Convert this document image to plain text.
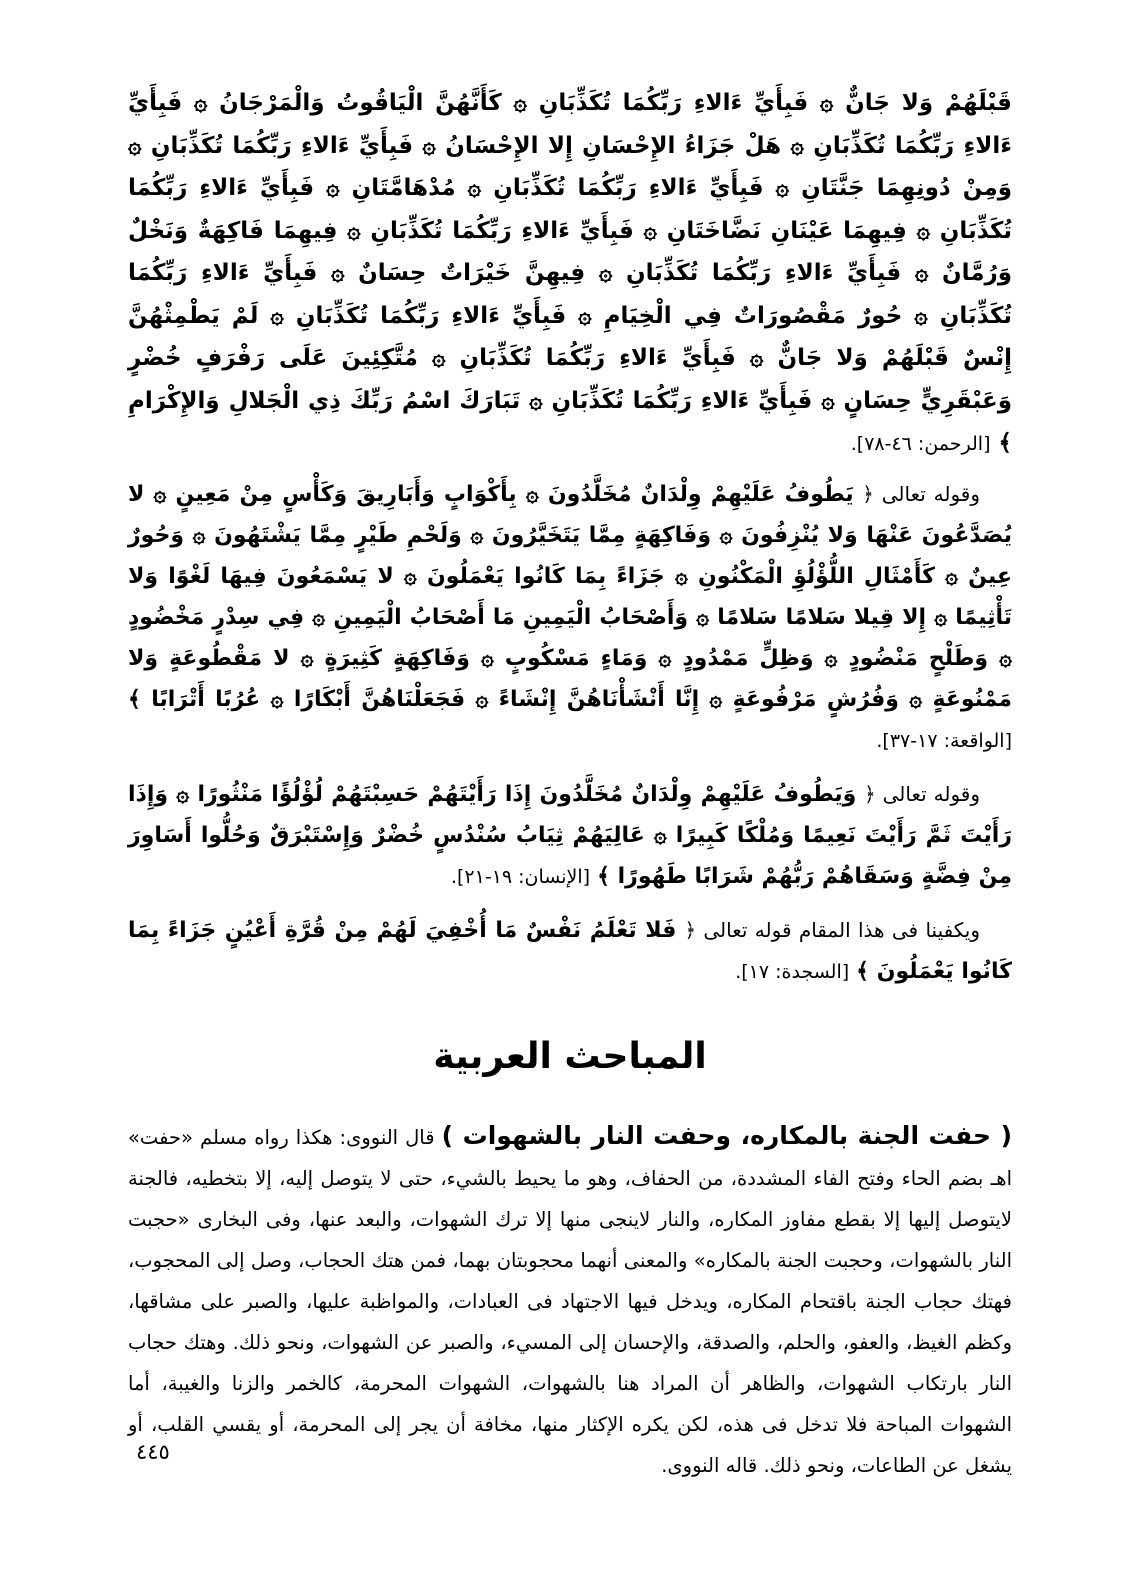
قَبْلَهُمْ وَلا جَانٌّ ۞ فَبِأَيِّ ءَالاءِ رَبِّكُمَا تُكَذِّبَانِ ۞ كَأَنَّهُنَّ الْيَاقُوتُ وَالْمَرْجَانُ ۞ فَبِأَيِّ ءَالاءِ رَبِّكُمَا تُكَذِّبَانِ ۞ هَلْ جَزَاءُ الإِحْسَانِ إِلا الإِحْسَانُ ۞ فَبِأَيِّ ءَالاءِ رَبِّكُمَا تُكَذِّبَانِ ۞ وَمِنْ دُونِهِمَا جَنَّتَانِ ۞ فَبِأَيِّ ءَالاءِ رَبِّكُمَا تُكَذِّبَانِ ۞ مُدْهَامَّتَانِ ۞ فَبِأَيِّ ءَالاءِ رَبِّكُمَا تُكَذِّبَانِ ۞ فِيهِمَا عَيْنَانِ نَضَّاخَتَانِ ۞ فَبِأَيِّ ءَالاءِ رَبِّكُمَا تُكَذِّبَانِ ۞ فِيهِمَا فَاكِهَةٌ وَنَخْلٌ وَرُمَّانٌ ۞ فَبِأَيِّ ءَالاءِ رَبِّكُمَا تُكَذِّبَانِ ۞ فِيهِنَّ خَيْرَاتٌ حِسَانٌ ۞ فَبِأَيِّ ءَالاءِ رَبِّكُمَا تُكَذِّبَانِ ۞ حُورٌ مَقْصُورَاتٌ فِي الْخِيَامِ ۞ فَبِأَيِّ ءَالاءِ رَبِّكُمَا تُكَذِّبَانِ ۞ لَمْ يَطْمِثْهُنَّ إِنْسٌ قَبْلَهُمْ وَلا جَانٌّ ۞ فَبِأَيِّ ءَالاءِ رَبِّكُمَا تُكَذِّبَانِ ۞ مُتَّكِئِينَ عَلَى رَفْرَفٍ خُضْرٍ وَعَبْقَرِيٍّ حِسَانٍ ۞ فَبِأَيِّ ءَالاءِ رَبِّكُمَا تُكَذِّبَانِ ۞ تَبَارَكَ اسْمُ رَبِّكَ ذِي الْجَلالِ وَالإِكْرَامِ ﴾ [الرحمن: ٤٦-٧٨].

وقوله تعالى ﴿ يَطُوفُ عَلَيْهِمْ وِلْدَانٌ مُخَلَّدُونَ ۞ بِأَكْوَابٍ وَأَبَارِيقَ وَكَأْسٍ مِنْ مَعِينٍ ۞ لا يُصَدَّعُونَ عَنْهَا وَلا يُنْزِفُونَ ۞ وَفَاكِهَةٍ مِمَّا يَتَخَيَّرُونَ ۞ وَلَحْمِ طَيْرٍ مِمَّا يَشْتَهُونَ ۞ وَحُورٌ عِينٌ ۞ كَأَمْثَالِ اللُّؤْلُؤِ الْمَكْنُونِ ۞ جَزَاءً بِمَا كَانُوا يَعْمَلُونَ ۞ لا يَسْمَعُونَ فِيهَا لَغْوًا وَلا تَأْثِيمًا ۞ إِلا قِيلا سَلامًا سَلامًا ۞ وَأَصْحَابُ الْيَمِينِ مَا أَصْحَابُ الْيَمِينِ ۞ فِي سِدْرٍ مَخْضُودٍ ۞ وَطَلْحٍ مَنْضُودٍ ۞ وَظِلٍّ مَمْدُودٍ ۞ وَمَاءٍ مَسْكُوبٍ ۞ وَفَاكِهَةٍ كَثِيرَةٍ ۞ لا مَقْطُوعَةٍ وَلا مَمْنُوعَةٍ ۞ وَفُرُشٍ مَرْفُوعَةٍ ۞ إِنَّا أَنْشَأْنَاهُنَّ إِنْشَاءً ۞ فَجَعَلْنَاهُنَّ أَبْكَارًا ۞ عُرُبًا أَتْرَابًا ﴾ [الواقعة: ١٧-٣٧].

وقوله تعالى ﴿ وَيَطُوفُ عَلَيْهِمْ وِلْدَانٌ مُخَلَّدُونَ إِذَا رَأَيْتَهُمْ حَسِبْتَهُمْ لُؤْلُؤًا مَنْثُورًا ۞ وَإِذَا رَأَيْتَ ثَمَّ رَأَيْتَ نَعِيمًا وَمُلْكًا كَبِيرًا ۞ عَالِيَهُمْ ثِيَابُ سُنْدُسٍ خُضْرٌ وَإِسْتَبْرَقٌ وَحُلُّوا أَسَاوِرَ مِنْ فِضَّةٍ وَسَقَاهُمْ رَبُّهُمْ شَرَابًا طَهُورًا ﴾ [الإنسان: ١٩-٢١].

ويكفينا فى هذا المقام قوله تعالى ﴿ فَلا تَعْلَمُ نَفْسٌ مَا أُخْفِيَ لَهُمْ مِنْ قُرَّةِ أَعْيُنٍ جَزَاءً بِمَا كَانُوا يَعْمَلُونَ ﴾ [السجدة: ١٧].

المباحث العربية

( حفت الجنة بالمكاره، وحفت النار بالشهوات ) قال النووى: هكذا رواه مسلم «حفت» اهـ بضم الحاء وفتح الفاء المشددة، من الحفاف، وهو ما يحيط بالشيء، حتى لا يتوصل إليه، إلا بتخطيه، فالجنة لايتوصل إليها إلا بقطع مفاوز المكاره، والنار لاينجى منها إلا ترك الشهوات، والبعد عنها، وفى البخارى «حجبت النار بالشهوات، وحجبت الجنة بالمكاره» والمعنى أنهما محجوبتان بهما، فمن هتك الحجاب، وصل إلى المحجوب، فهتك حجاب الجنة باقتحام المكاره، ويدخل فيها الاجتهاد فى العبادات، والمواظبة عليها، والصبر على مشاقها، وكظم الغيظ، والعفو، والحلم، والصدقة، والإحسان إلى المسيء، والصبر عن الشهوات، ونحو ذلك. وهتك حجاب النار بارتكاب الشهوات، والظاهر أن المراد هنا بالشهوات، الشهوات المحرمة، كالخمر والزنا والغيبة، أما الشهوات المباحة فلا تدخل فى هذه، لكن يكره الإكثار منها، مخافة أن يجر إلى المحرمة، أو يقسي القلب، أو يشغل عن الطاعات، ونحو ذلك. قاله النووى.

٤٤٥
